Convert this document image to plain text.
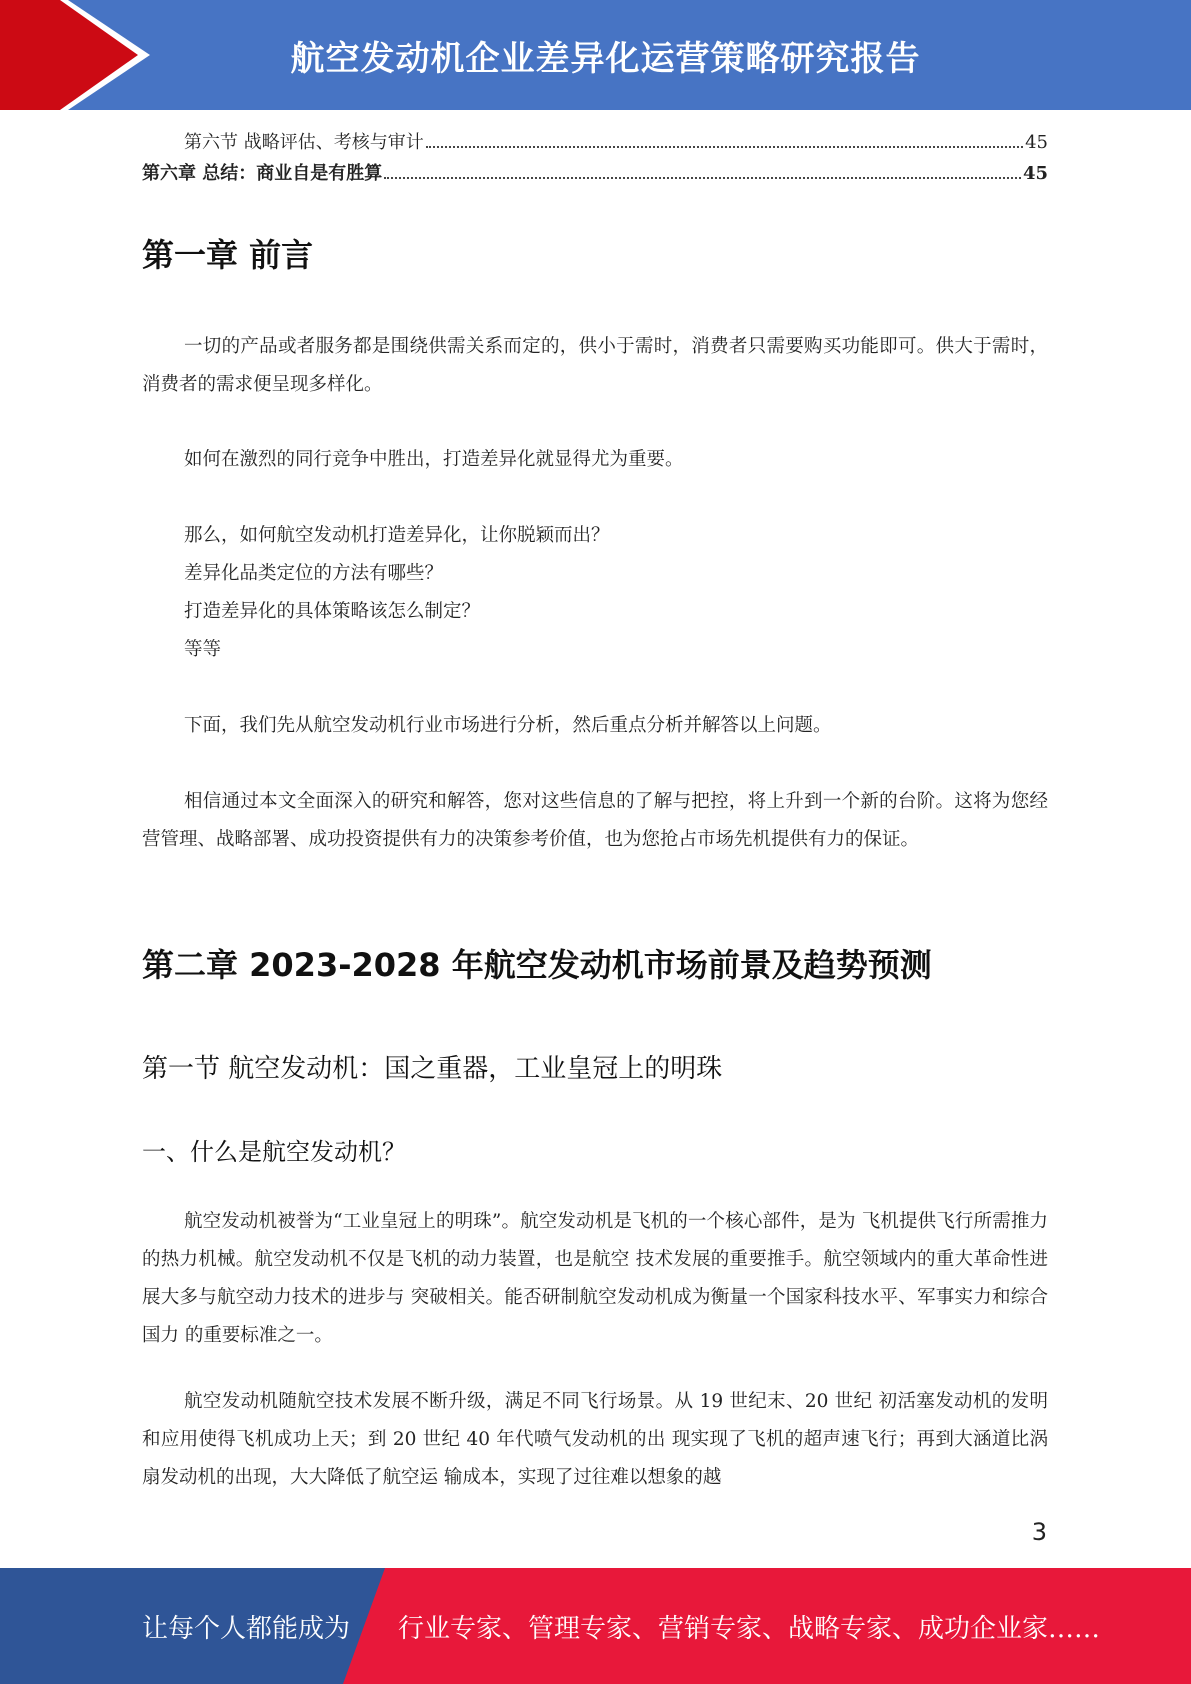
航空发动机企业差异化运营策略研究报告
第六节 战略评估、考核与审计	45
第六章 总结：商业自是有胜算	45
第一章 前言
一切的产品或者服务都是围绕供需关系而定的，供小于需时，消费者只需要购买功能即可。供大于需时，消费者的需求便呈现多样化。
如何在激烈的同行竞争中胜出，打造差异化就显得尤为重要。
那么，如何航空发动机打造差异化，让你脱颖而出？
差异化品类定位的方法有哪些？
打造差异化的具体策略该怎么制定？
等等
下面，我们先从航空发动机行业市场进行分析，然后重点分析并解答以上问题。
相信通过本文全面深入的研究和解答，您对这些信息的了解与把控，将上升到一个新的台阶。这将为您经营管理、战略部署、成功投资提供有力的决策参考价值，也为您抢占市场先机提供有力的保证。
第二章 2023-2028 年航空发动机市场前景及趋势预测
第一节 航空发动机：国之重器，工业皇冠上的明珠
一、什么是航空发动机？
航空发动机被誉为“工业皇冠上的明珠”。航空发动机是飞机的一个核心部件，是为 飞机提供飞行所需推力的热力机械。航空发动机不仅是飞机的动力装置，也是航空 技术发展的重要推手。航空领域内的重大革命性进展大多与航空动力技术的进步与 突破相关。能否研制航空发动机成为衡量一个国家科技水平、军事实力和综合国力 的重要标准之一。
航空发动机随航空技术发展不断升级，满足不同飞行场景。从 19 世纪末、20 世纪 初活塞发动机的发明和应用使得飞机成功上天；到 20 世纪 40 年代喷气发动机的出 现实现了飞机的超声速飞行；再到大涵道比涡扇发动机的出现，大大降低了航空运 输成本，实现了过往难以想象的越
3
让每个人都能成为 行业专家、管理专家、营销专家、战略专家、成功企业家……
